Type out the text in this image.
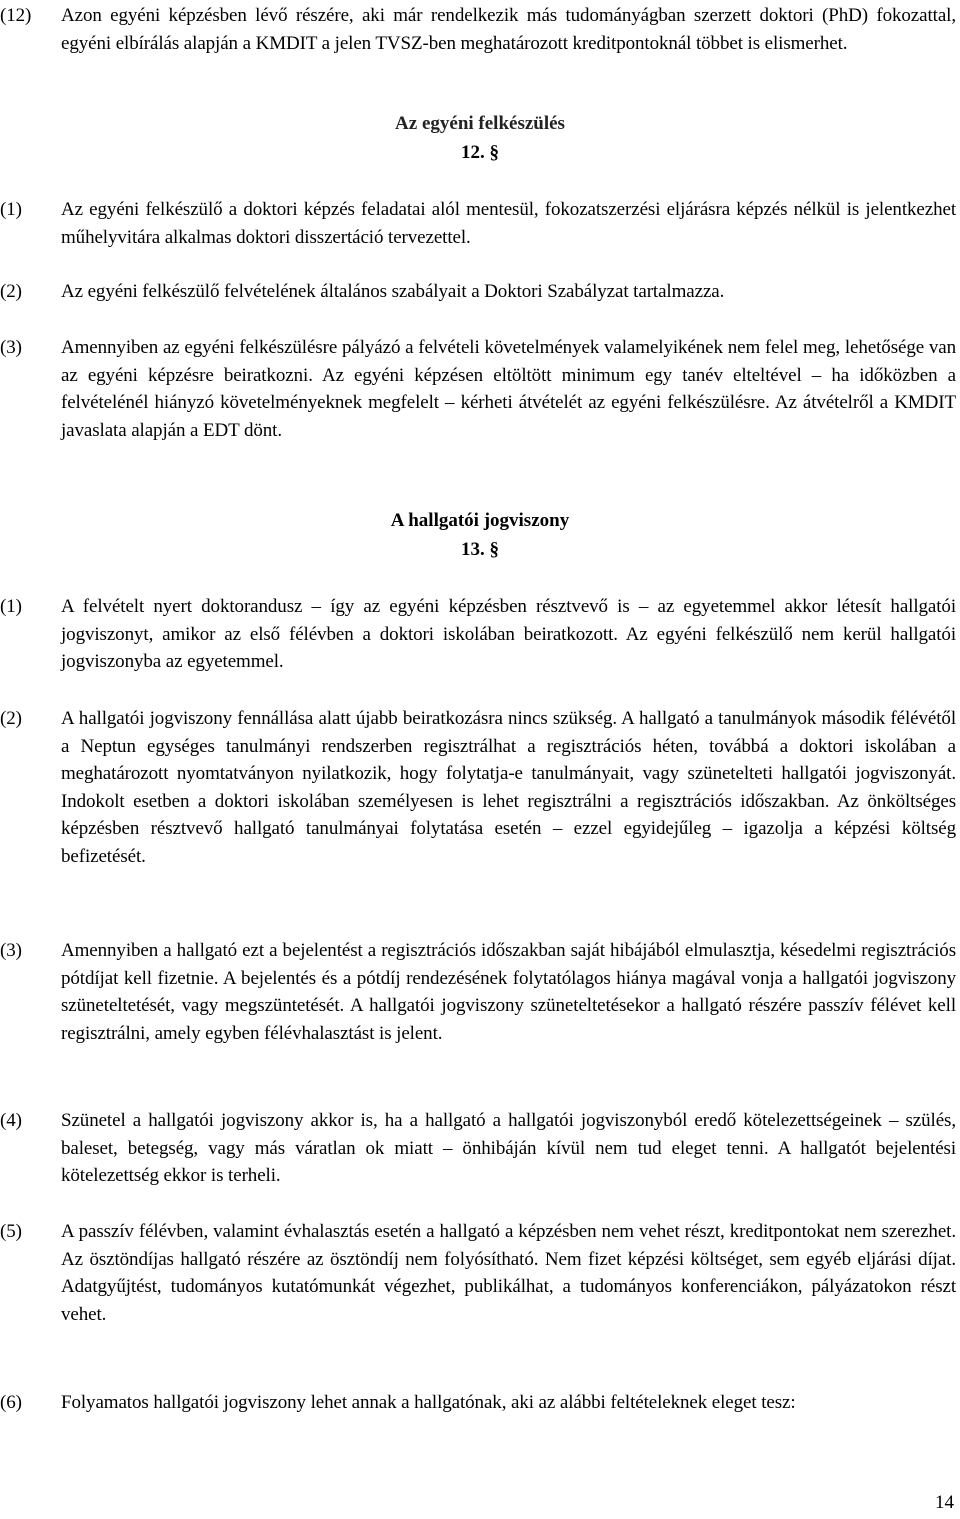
(12)	Azon egyéni képzésben lévő részére, aki már rendelkezik más tudományágban szerzett doktori (PhD) fokozattal, egyéni elbírálás alapján a KMDIT a jelen TVSZ-ben meghatározott kreditpontoknál többet is elismerhet.
Az egyéni felkészülés
12. §
(1)	Az egyéni felkészülő a doktori képzés feladatai alól mentesül, fokozatszerzési eljárásra képzés nélkül is jelentkezhet műhelyvitára alkalmas doktori disszertáció tervezettel.
(2)	Az egyéni felkészülő felvételének általános szabályait a Doktori Szabályzat tartalmazza.
(3)	Amennyiben az egyéni felkészülésre pályázó a felvételi követelmények valamelyikének nem felel meg, lehetősége van az egyéni képzésre beiratkozni. Az egyéni képzésen eltöltött minimum egy tanév elteltével – ha időközben a felvételénél hiányzó követelményeknek megfelelt – kérheti átvételét az egyéni felkészülésre. Az átvételről a KMDIT javaslata alapján a EDT dönt.
A hallgatói jogviszony
13. §
(1)	A felvételt nyert doktorandusz – így az egyéni képzésben résztvevő is – az egyetemmel akkor létesít hallgatói jogviszonyt, amikor az első félévben a doktori iskolában beiratkozott. Az egyéni felkészülő nem kerül hallgatói jogviszonyba az egyetemmel.
(2)	A hallgatói jogviszony fennállása alatt újabb beiratkozásra nincs szükség. A hallgató a tanulmányok második félévétől a Neptun egységes tanulmányi rendszerben regisztrálhat a regisztrációs héten, továbbá a doktori iskolában a meghatározott nyomtatványon nyilatkozik, hogy folytatja-e tanulmányait, vagy szünetelteti hallgatói jogviszonyát. Indokolt esetben a doktori iskolában személyesen is lehet regisztrálni a regisztrációs időszakban. Az önköltséges képzésben résztvevő hallgató tanulmányai folytatása esetén – ezzel egyidejűleg – igazolja a képzési költség befizetését.
(3)	Amennyiben a hallgató ezt a bejelentést a regisztrációs időszakban saját hibájából elmulasztja, késedelmi regisztrációs pótdíjat kell fizetnie. A bejelentés és a pótdíj rendezésének folytatólagos hiánya magával vonja a hallgatói jogviszony szüneteltetését, vagy megszüntetését. A hallgatói jogviszony szüneteltetésekor a hallgató részére passzív félévet kell regisztrálni, amely egyben félévhalasztást is jelent.
(4)	Szünetel a hallgatói jogviszony akkor is, ha a hallgató a hallgatói jogviszonyból eredő kötelezettségeinek – szülés, baleset, betegség, vagy más váratlan ok miatt – önhibáján kívül nem tud eleget tenni. A hallgatót bejelentési kötelezettség ekkor is terheli.
(5)	A passzív félévben, valamint évhalasztás esetén a hallgató a képzésben nem vehet részt, kreditpontokat nem szerezhet. Az ösztöndíjas hallgató részére az ösztöndíj nem folyósítható. Nem fizet képzési költséget, sem egyéb eljárási díjat. Adatgyűjtést, tudományos kutatómunkát végezhet, publikálhat, a tudományos konferenciákon, pályázatokon részt vehet.
(6)	Folyamatos hallgatói jogviszony lehet annak a hallgatónak, aki az alábbi feltételeknek eleget tesz:
14
